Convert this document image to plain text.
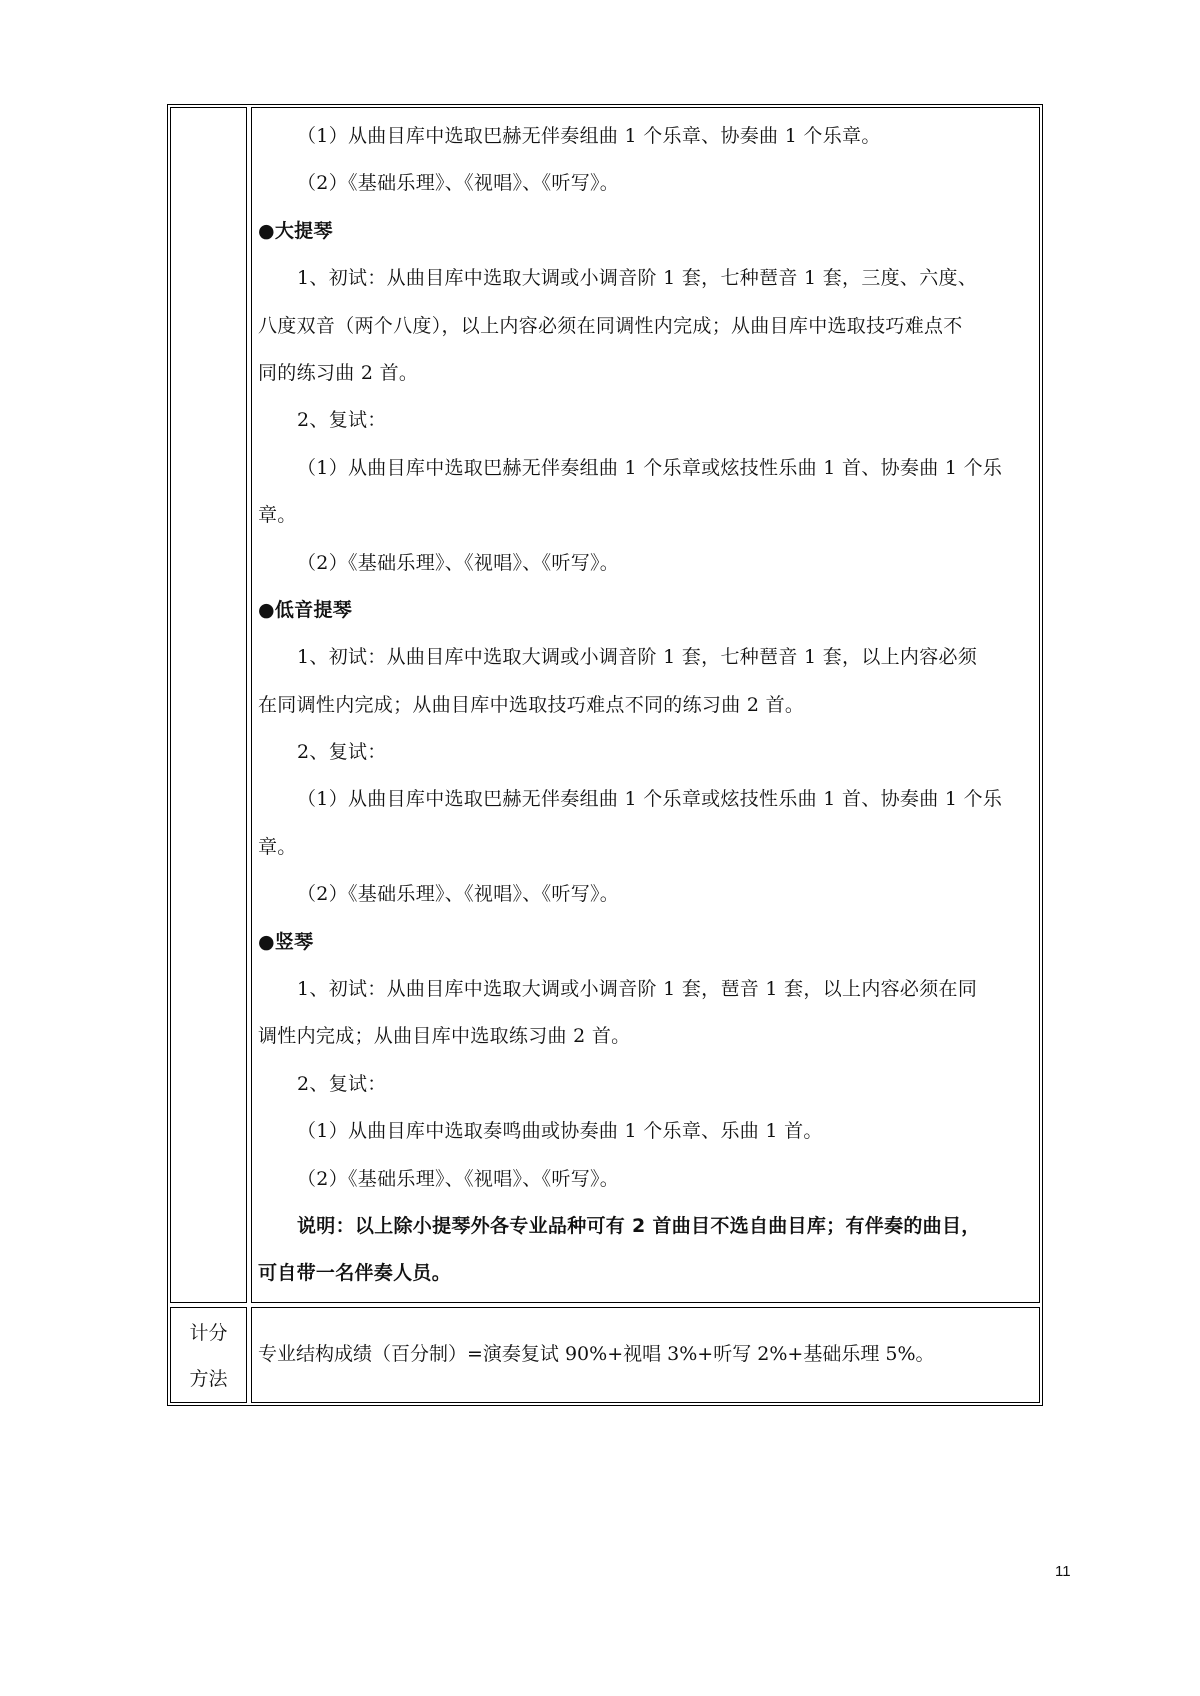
（1）从曲目库中选取巴赫无伴奏组曲 1 个乐章、协奏曲 1 个乐章。
（2）《基础乐理》、《视唱》、《听写》。
●大提琴
1、初试：从曲目库中选取大调或小调音阶 1 套，七种琶音 1 套，三度、六度、
八度双音（两个八度），以上内容必须在同调性内完成；从曲目库中选取技巧难点不
同的练习曲 2 首。
2、复试：
（1）从曲目库中选取巴赫无伴奏组曲 1 个乐章或炫技性乐曲 1 首、协奏曲 1 个乐
章。
（2）《基础乐理》、《视唱》、《听写》。
●低音提琴
1、初试：从曲目库中选取大调或小调音阶 1 套，七种琶音 1 套，以上内容必须
在同调性内完成；从曲目库中选取技巧难点不同的练习曲 2 首。
2、复试：
（1）从曲目库中选取巴赫无伴奏组曲 1 个乐章或炫技性乐曲 1 首、协奏曲 1 个乐
章。
（2）《基础乐理》、《视唱》、《听写》。
●竖琴
1、初试：从曲目库中选取大调或小调音阶 1 套，琶音 1 套，以上内容必须在同
调性内完成；从曲目库中选取练习曲 2 首。
2、复试：
（1）从曲目库中选取奏鸣曲或协奏曲 1 个乐章、乐曲 1 首。
（2）《基础乐理》、《视唱》、《听写》。
说明：以上除小提琴外各专业品种可有 2 首曲目不选自曲目库；有伴奏的曲目，
可自带一名伴奏人员。
计分
方法
专业结构成绩（百分制）=演奏复试 90%+视唱 3%+听写 2%+基础乐理 5%。
11
